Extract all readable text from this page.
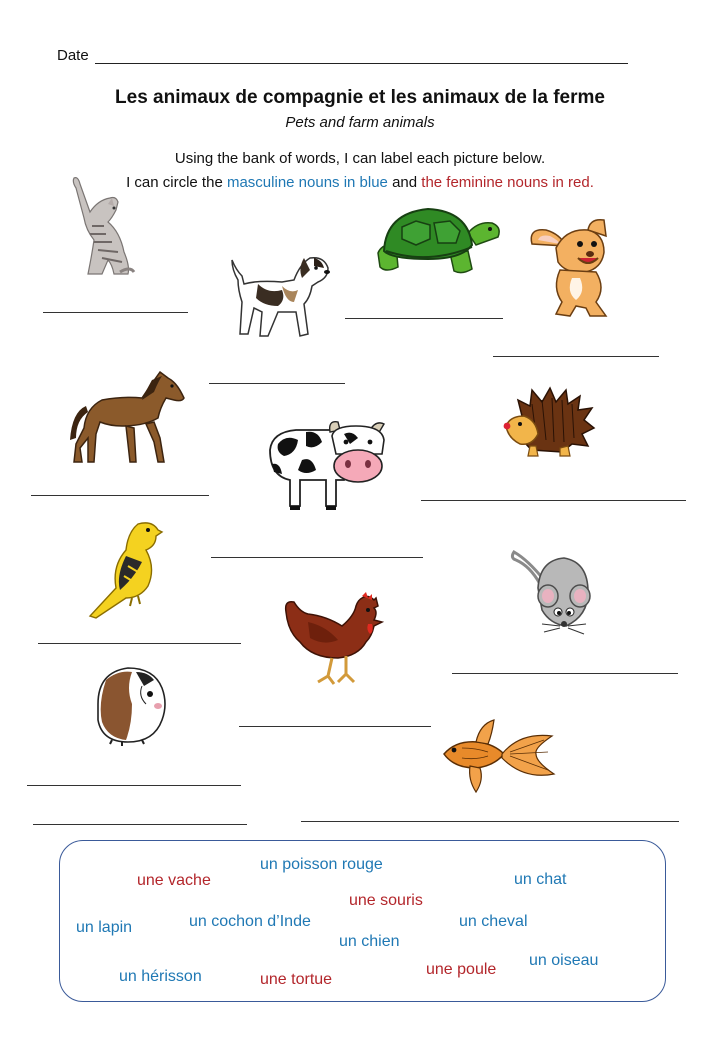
Date
Les animaux de compagnie et les animaux de la ferme
Pets and farm animals
Using the bank of words, I can label each picture below.
I can circle the masculine nouns in blue and the feminine nouns in red.
un poisson rouge
une vache	un chat
une souris
un lapin	un cochon d’Inde	un cheval
un chien
un oiseau
un hérisson	une tortue
une poule
